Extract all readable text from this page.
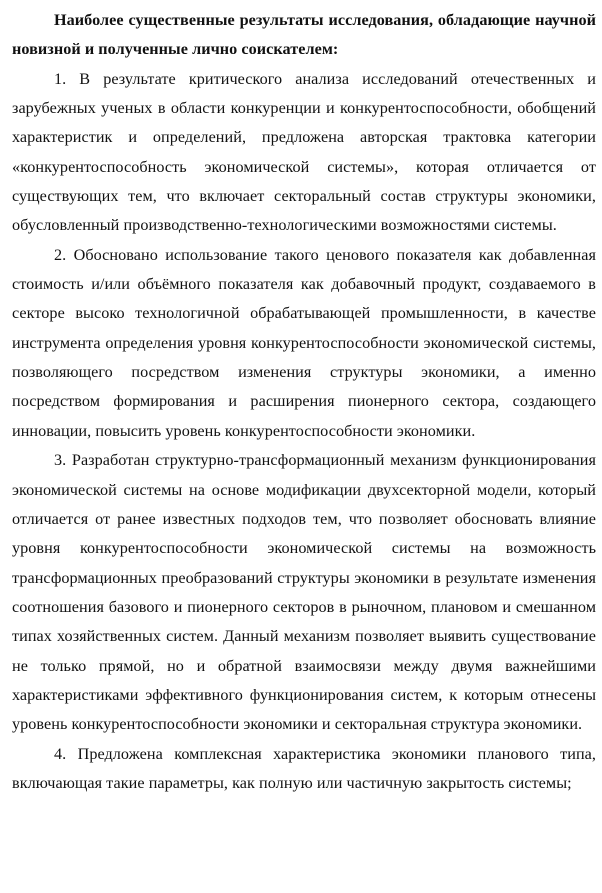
Наиболее существенные результаты исследования, обладающие научной новизной и полученные лично соискателем:

1. В результате критического анализа исследований отечественных и зарубежных ученых в области конкуренции и конкурентоспособности, обобщений характеристик и определений, предложена авторская трактовка категории «конкурентоспособность экономической системы», которая отличается от существующих тем, что включает секторальный состав структуры экономики, обусловленный производственно-технологическими возможностями системы.

2. Обосновано использование такого ценового показателя как добавленная стоимость и/или объёмного показателя как добавочный продукт, создаваемого в секторе высоко технологичной обрабатывающей промышленности, в качестве инструмента определения уровня конкурентоспособности экономической системы, позволяющего посредством изменения структуры экономики, а именно посредством формирования и расширения пионерного сектора, создающего инновации, повысить уровень конкурентоспособности экономики.

3. Разработан структурно-трансформационный механизм функционирования экономической системы на основе модификации двухсекторной модели, который отличается от ранее известных подходов тем, что позволяет обосновать влияние уровня конкурентоспособности экономической системы на возможность трансформационных преобразований структуры экономики в результате изменения соотношения базового и пионерного секторов в рыночном, плановом и смешанном типах хозяйственных систем. Данный механизм позволяет выявить существование не только прямой, но и обратной взаимосвязи между двумя важнейшими характеристиками эффективного функционирования систем, к которым отнесены уровень конкурентоспособности экономики и секторальная структура экономики.

4. Предложена комплексная характеристика экономики планового типа, включающая такие параметры, как полную или частичную закрытость системы;
